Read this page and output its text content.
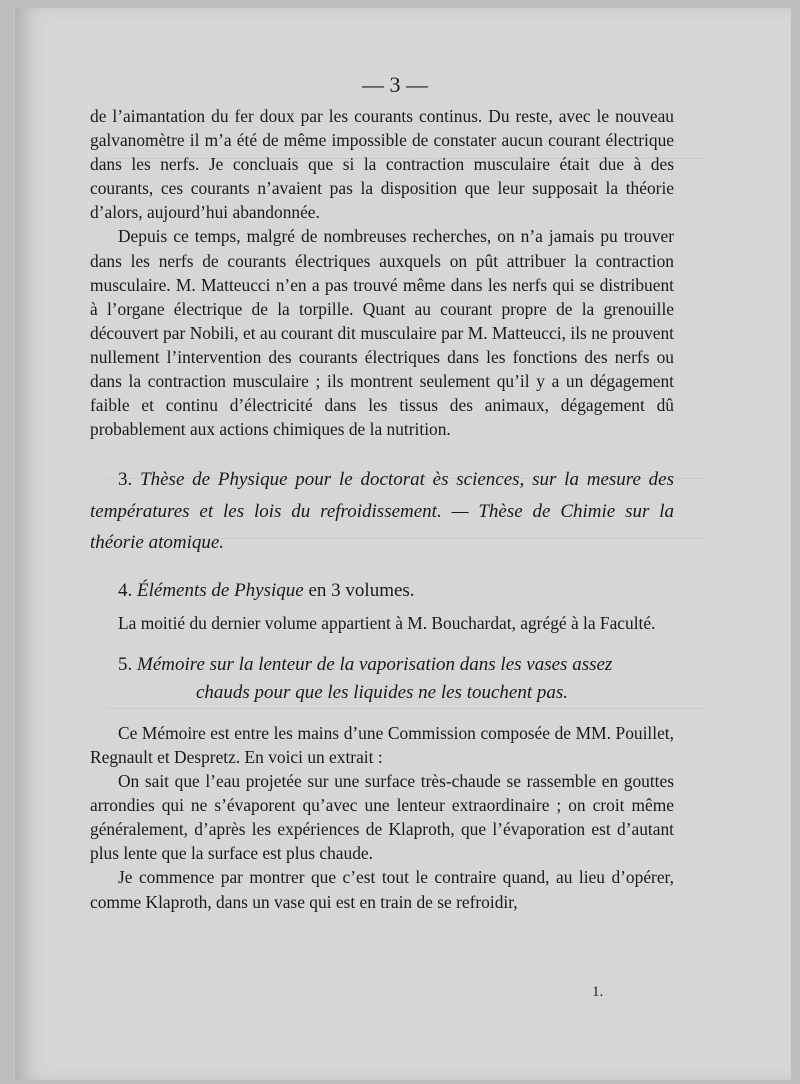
— 3 —

de l’aimantation du fer doux par les courants continus. Du reste, avec le nouveau galvanomètre il m’a été de même impossible de constater aucun courant électrique dans les nerfs. Je concluais que si la contraction musculaire était due à des courants, ces courants n’avaient pas la disposition que leur supposait la théorie d’alors, aujourd’hui abandonnée.

Depuis ce temps, malgré de nombreuses recherches, on n’a jamais pu trouver dans les nerfs de courants électriques auxquels on pût attribuer la contraction musculaire. M. Matteucci n’en a pas trouvé même dans les nerfs qui se distribuent à l’organe électrique de la torpille. Quant au courant propre de la grenouille découvert par Nobili, et au courant dit musculaire par M. Matteucci, ils ne prouvent nullement l’intervention des courants électriques dans les fonctions des nerfs ou dans la contraction musculaire ; ils montrent seulement qu’il y a un dégagement faible et continu d’électricité dans les tissus des animaux, dégagement dû probablement aux actions chimiques de la nutrition.

3. Thèse de Physique pour le doctorat ès sciences, sur la mesure des températures et les lois du refroidissement. — Thèse de Chimie sur la théorie atomique.

4. Éléments de Physique en 3 volumes.

La moitié du dernier volume appartient à M. Bouchardat, agrégé à la Faculté.

5. Mémoire sur la lenteur de la vaporisation dans les vases assez
chauds pour que les liquides ne les touchent pas.

Ce Mémoire est entre les mains d’une Commission composée de MM. Pouillet, Regnault et Despretz. En voici un extrait :

On sait que l’eau projetée sur une surface très-chaude se rassemble en gouttes arrondies qui ne s’évaporent qu’avec une lenteur extraordinaire ; on croit même généralement, d’après les expériences de Klaproth, que l’évaporation est d’autant plus lente que la surface est plus chaude.

Je commence par montrer que c’est tout le contraire quand, au lieu d’opérer, comme Klaproth, dans un vase qui est en train de se refroidir,

1.
